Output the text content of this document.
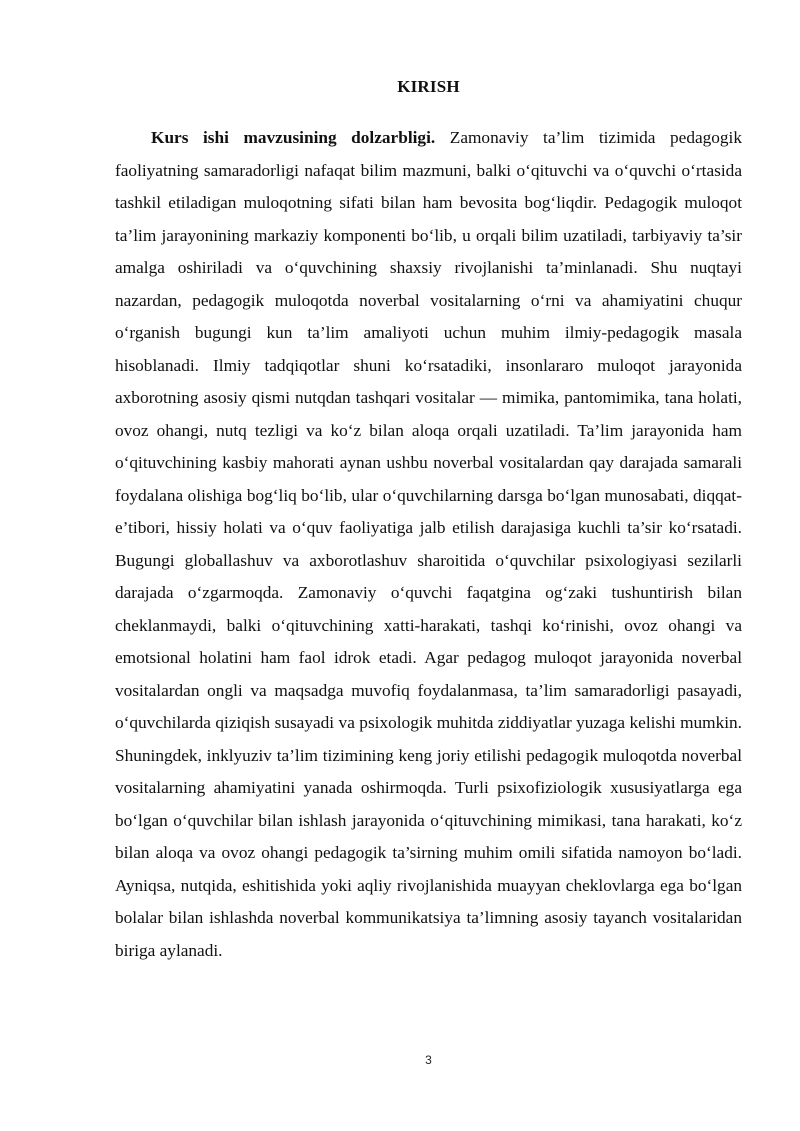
KIRISH

Kurs ishi mavzusining dolzarbligi. Zamonaviy ta’lim tizimida pedagogik faoliyatning samaradorligi nafaqat bilim mazmuni, balki o‘qituvchi va o‘quvchi o‘rtasida tashkil etiladigan muloqotning sifati bilan ham bevosita bog‘liqdir. Pedagogik muloqot ta’lim jarayonining markaziy komponenti bo‘lib, u orqali bilim uzatiladi, tarbiyaviy ta’sir amalga oshiriladi va o‘quvchining shaxsiy rivojlanishi ta’minlanadi. Shu nuqtayi nazardan, pedagogik muloqotda noverbal vositalarning o‘rni va ahamiyatini chuqur o‘rganish bugungi kun ta’lim amaliyoti uchun muhim ilmiy-pedagogik masala hisoblanadi. Ilmiy tadqiqotlar shuni ko‘rsatadiki, insonlararo muloqot jarayonida axborotning asosiy qismi nutqdan tashqari vositalar — mimika, pantomimika, tana holati, ovoz ohangi, nutq tezligi va ko‘z bilan aloqa orqali uzatiladi. Ta’lim jarayonida ham o‘qituvchining kasbiy mahorati aynan ushbu noverbal vositalardan qay darajada samarali foydalana olishiga bog‘liq bo‘lib, ular o‘quvchilarning darsga bo‘lgan munosabati, diqqat-e’tibori, hissiy holati va o‘quv faoliyatiga jalb etilish darajasiga kuchli ta’sir ko‘rsatadi. Bugungi globallashuv va axborotlashuv sharoitida o‘quvchilar psixologiyasi sezilarli darajada o‘zgarmoqda. Zamonaviy o‘quvchi faqatgina og‘zaki tushuntirish bilan cheklanmaydi, balki o‘qituvchining xatti-harakati, tashqi ko‘rinishi, ovoz ohangi va emotsional holatini ham faol idrok etadi. Agar pedagog muloqot jarayonida noverbal vositalardan ongli va maqsadga muvofiq foydalanmasa, ta’lim samaradorligi pasayadi, o‘quvchilarda qiziqish susayadi va psixologik muhitda ziddiyatlar yuzaga kelishi mumkin. Shuningdek, inklyuziv ta’lim tizimining keng joriy etilishi pedagogik muloqotda noverbal vositalarning ahamiyatini yanada oshirmoqda. Turli psixofiziologik xususiyatlarga ega bo‘lgan o‘quvchilar bilan ishlash jarayonida o‘qituvchining mimikasi, tana harakati, ko‘z bilan aloqa va ovoz ohangi pedagogik ta’sirning muhim omili sifatida namoyon bo‘ladi. Ayniqsa, nutqida, eshitishida yoki aqliy rivojlanishida muayyan cheklovlarga ega bo‘lgan bolalar bilan ishlashda noverbal kommunikatsiya ta’limning asosiy tayanch vositalaridan biriga aylanadi.

3
